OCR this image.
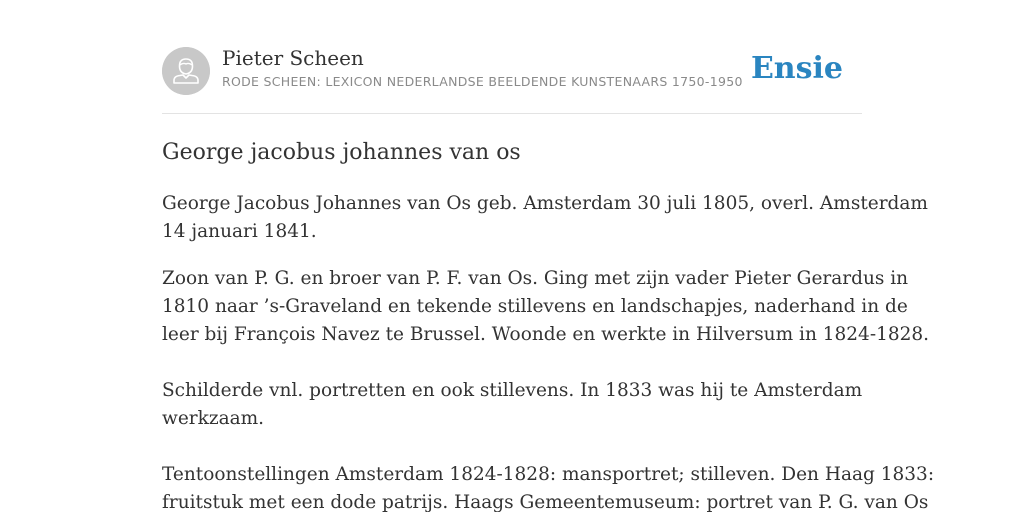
Pieter Scheen
RODE SCHEEN: LEXICON NEDERLANDSE BEELDENDE KUNSTENAARS 1750-1950 Ensie
George jacobus johannes van os

George Jacobus Johannes van Os geb. Amsterdam 30 juli 1805, overl. Amsterdam
14 januari 1841.

Zoon van P. G. en broer van P. F. van Os. Ging met zijn vader Pieter Gerardus in
1810 naar ’s-Graveland en tekende stillevens en landschapjes, naderhand in de
leer bij François Navez te Brussel. Woonde en werkte in Hilversum in 1824-1828.
Schilderde vnl. portretten en ook stillevens. In 1833 was hij te Amsterdam
werkzaam.
Tentoonstellingen Amsterdam 1824-1828: mansportret; stilleven. Den Haag 1833:
fruitstuk met een dode patrijs. Haags Gemeentemuseum: portret van P. G. van Os
